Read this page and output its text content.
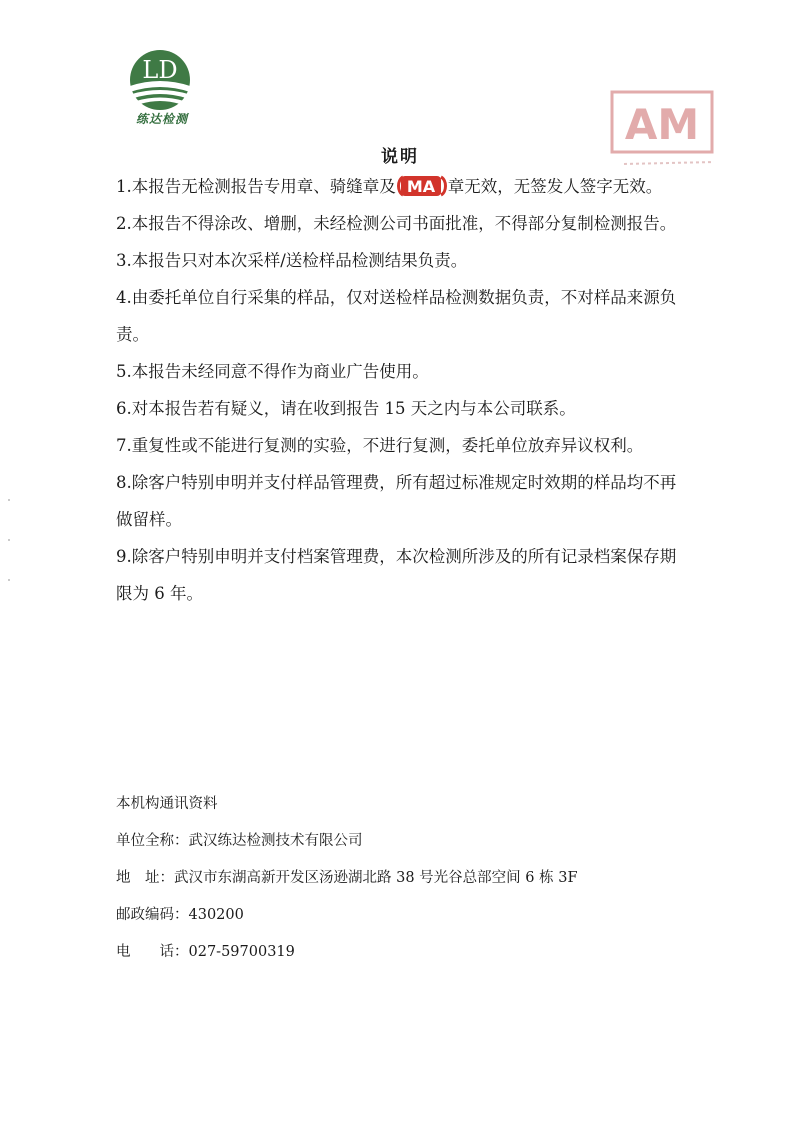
LD
练达检测	AM
说明

1.本报告无检测报告专用章、骑缝章及 MA 章无效，无签发人签字无效。

2.本报告不得涂改、增删，未经检测公司书面批准，不得部分复制检测报告。

3.本报告只对本次采样/送检样品检测结果负责。

4.由委托单位自行采集的样品，仅对送检样品检测数据负责，不对样品来源负责。

5.本报告未经同意不得作为商业广告使用。

6.对本报告若有疑义，请在收到报告 15 天之内与本公司联系。

7.重复性或不能进行复测的实验，不进行复测，委托单位放弃异议权利。

8.除客户特别申明并支付样品管理费，所有超过标准规定时效期的样品均不再做留样。

9.除客户特别申明并支付档案管理费，本次检测所涉及的所有记录档案保存期限为 6 年。

本机构通讯资料

单位全称：武汉练达检测技术有限公司

地　址：武汉市东湖高新开发区汤逊湖北路 38 号光谷总部空间 6 栋 3F

邮政编码：430200

电　　话：027-59700319
